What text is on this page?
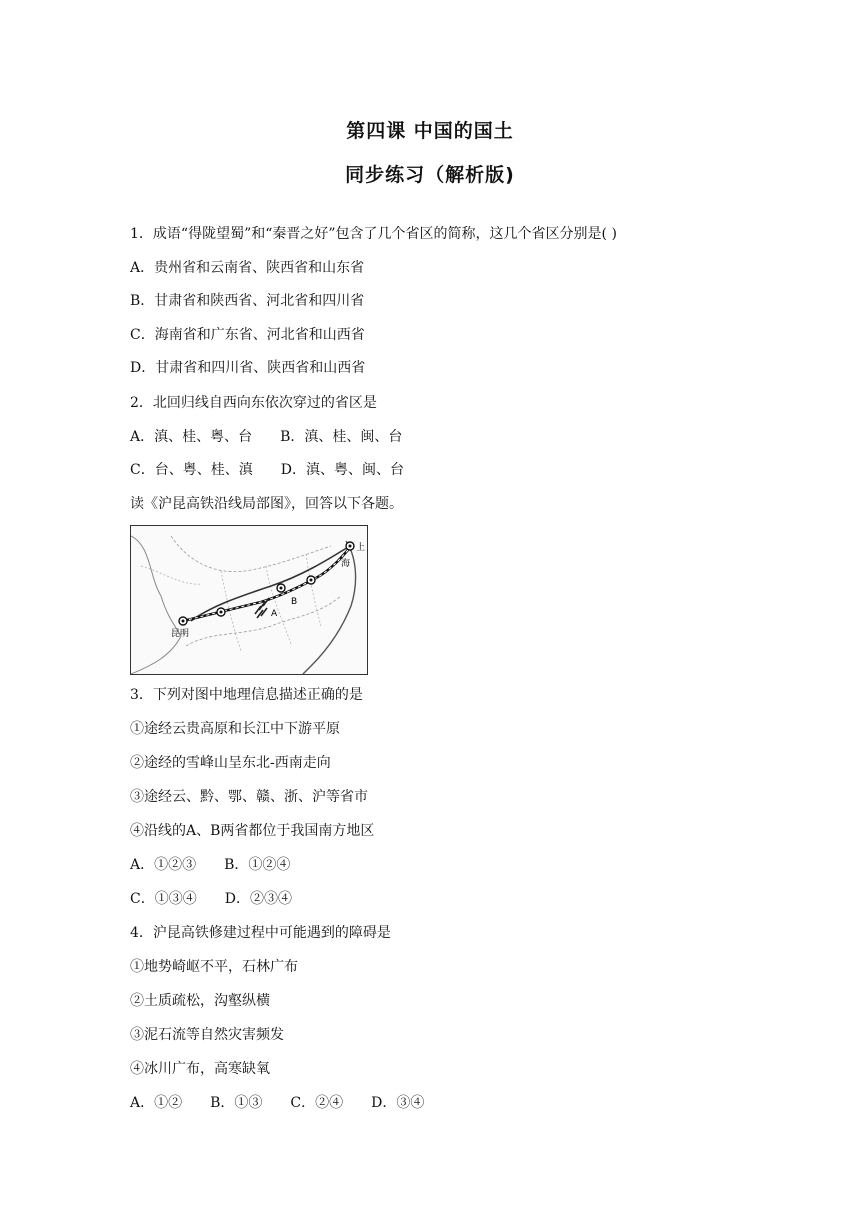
第四课 中国的国土
同步练习（解析版)
1．成语“得陇望蜀”和“秦晋之好”包含了几个省区的简称，这几个省区分别是( )
A．贵州省和云南省、陕西省和山东省
B．甘肃省和陕西省、河北省和四川省
C．海南省和广东省、河北省和山西省
D．甘肃省和四川省、陕西省和山西省
2．北回归线自西向东依次穿过的省区是
A．滇、桂、粤、台 B．滇、桂、闽、台
C．台、粤、桂、滇 D．滇、粤、闽、台
读《沪昆高铁沿线局部图》，回答以下各题。
昆明
上
海
A
B
3．下列对图中地理信息描述正确的是
①途经云贵高原和长江中下游平原
②途经的雪峰山呈东北-西南走向
③途经云、黔、鄂、赣、浙、沪等省市
④沿线的A、B两省都位于我国南方地区
A．①②③ B．①②④
C．①③④ D．②③④
4．沪昆高铁修建过程中可能遇到的障碍是
①地势崎岖不平，石林广布
②土质疏松，沟壑纵横
③泥石流等自然灾害频发
④冰川广布，高寒缺氧
A．①② B．①③ C．②④ D．③④
